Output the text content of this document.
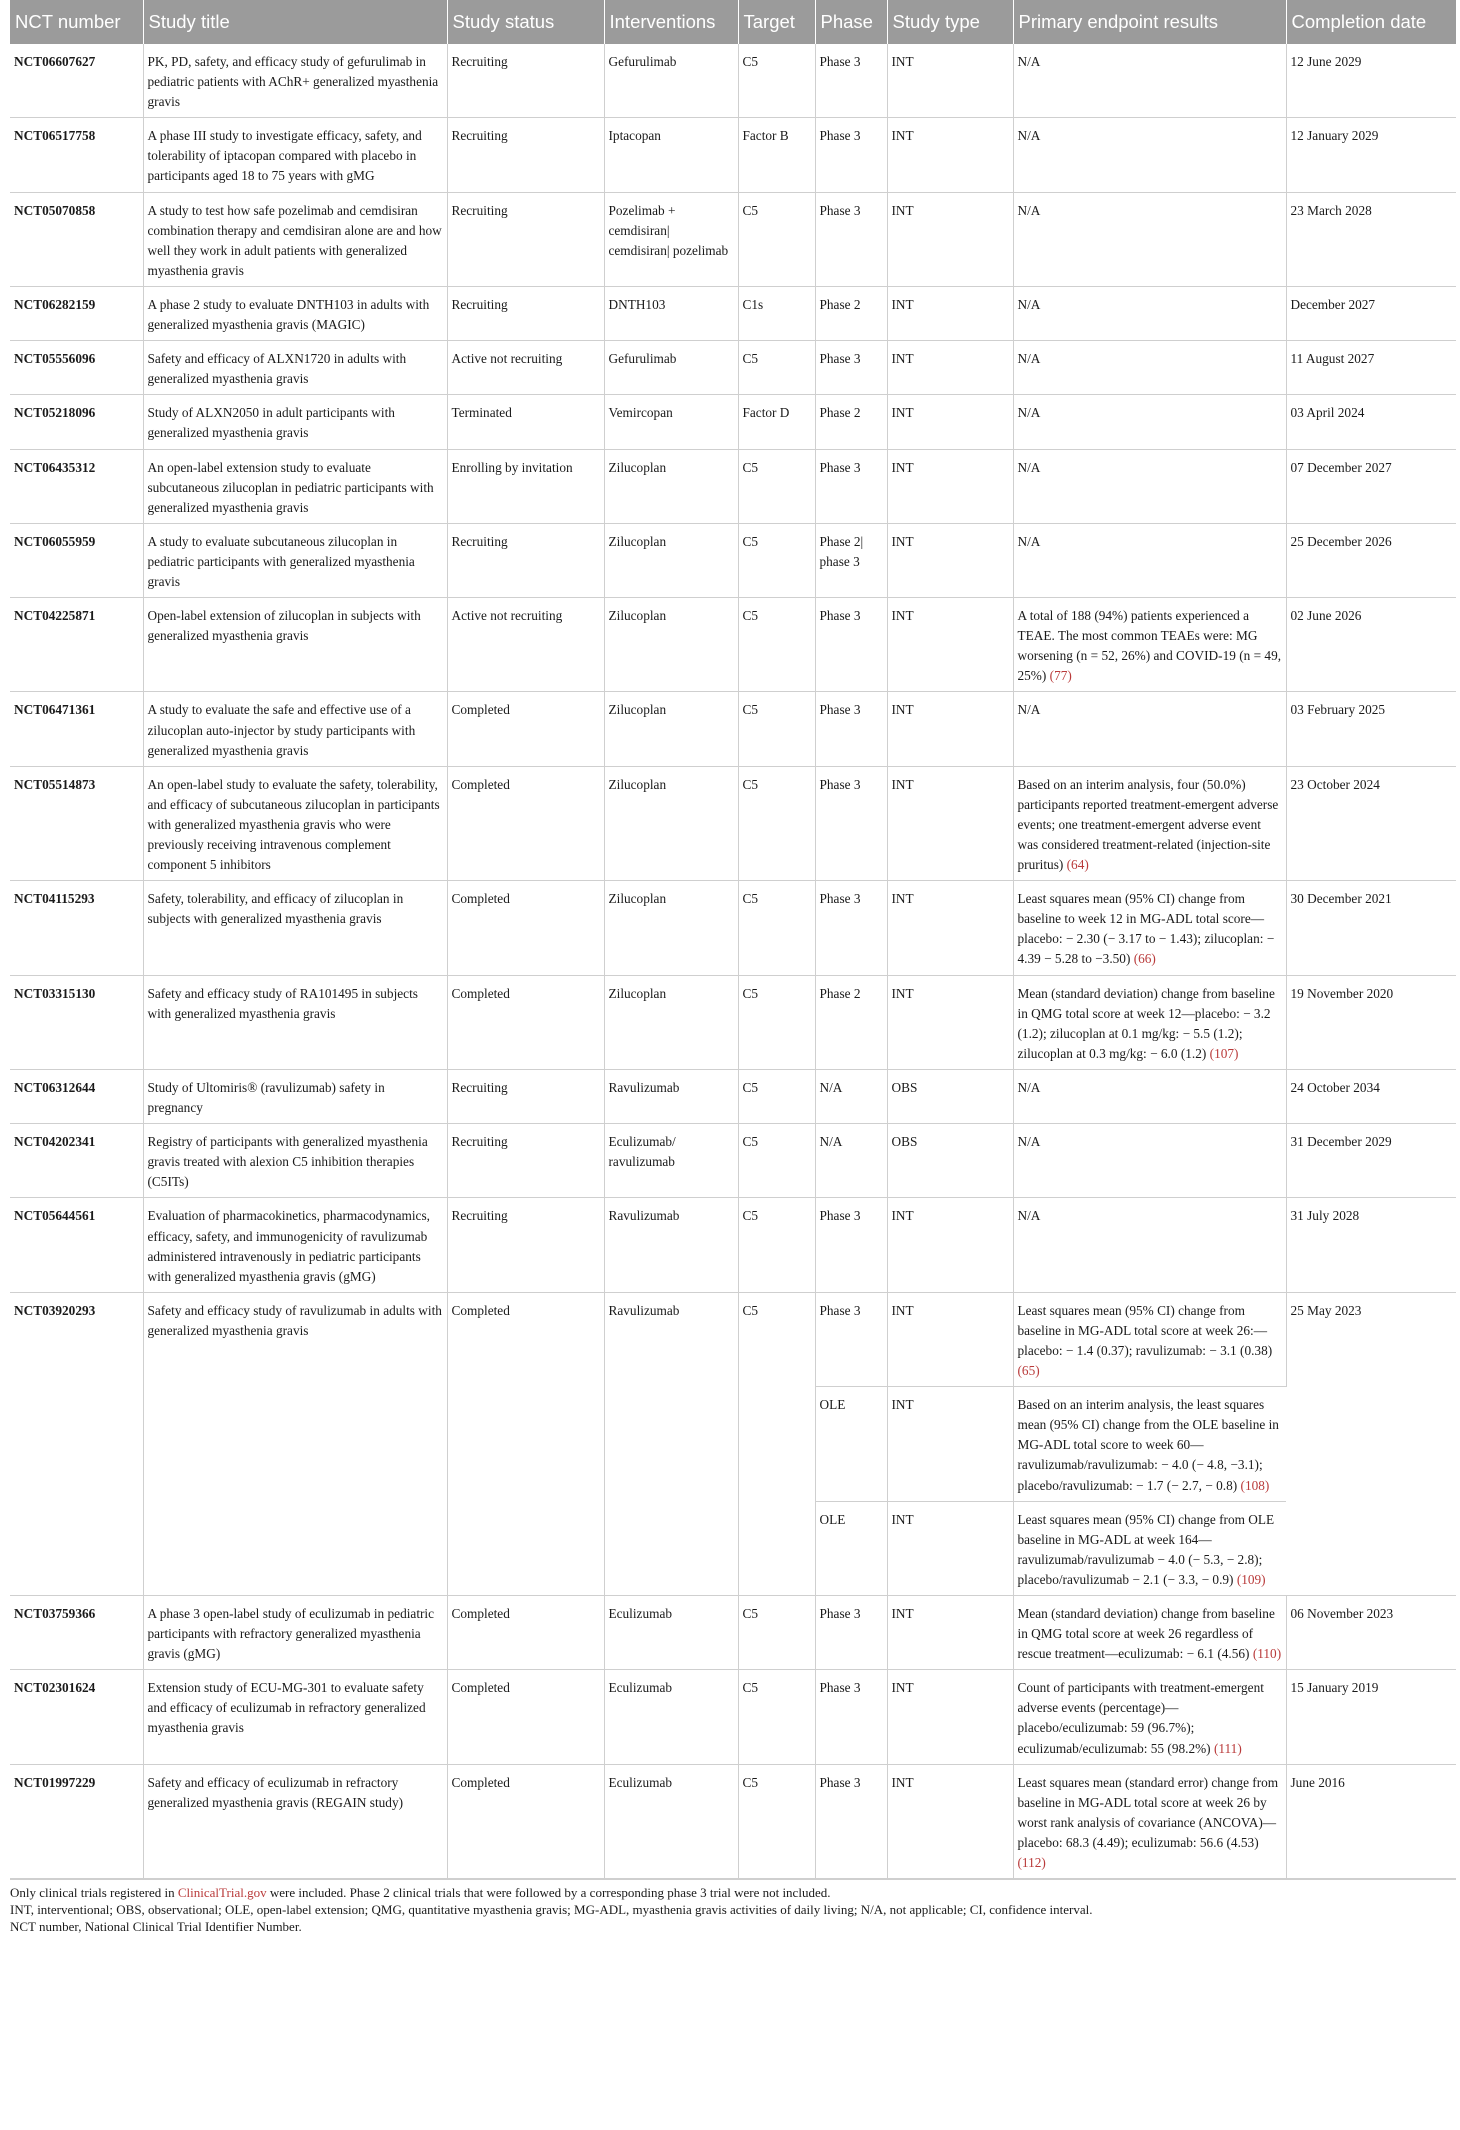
NCT number	Study title	Study status	Interventions	Target	Phase	Study type	Primary endpoint results	Completion date
NCT06607627	PK, PD, safety, and efficacy study of gefurulimab in pediatric patients with AChR+ generalized myasthenia gravis	Recruiting	Gefurulimab	C5	Phase 3	INT	N/A	12 June 2029
NCT06517758	A phase III study to investigate efficacy, safety, and tolerability of iptacopan compared with placebo in participants aged 18 to 75 years with gMG	Recruiting	Iptacopan	Factor B	Phase 3	INT	N/A	12 January 2029
NCT05070858	A study to test how safe pozelimab and cemdisiran combination therapy and cemdisiran alone are and how well they work in adult patients with generalized myasthenia gravis	Recruiting	Pozelimab + cemdisiran| cemdisiran| pozelimab	C5	Phase 3	INT	N/A	23 March 2028
NCT06282159	A phase 2 study to evaluate DNTH103 in adults with generalized myasthenia gravis (MAGIC)	Recruiting	DNTH103	C1s	Phase 2	INT	N/A	December 2027
NCT05556096	Safety and efficacy of ALXN1720 in adults with generalized myasthenia gravis	Active not recruiting	Gefurulimab	C5	Phase 3	INT	N/A	11 August 2027
NCT05218096	Study of ALXN2050 in adult participants with generalized myasthenia gravis	Terminated	Vemircopan	Factor D	Phase 2	INT	N/A	03 April 2024
NCT06435312	An open-label extension study to evaluate subcutaneous zilucoplan in pediatric participants with generalized myasthenia gravis	Enrolling by invitation	Zilucoplan	C5	Phase 3	INT	N/A	07 December 2027
NCT06055959	A study to evaluate subcutaneous zilucoplan in pediatric participants with generalized myasthenia gravis	Recruiting	Zilucoplan	C5	Phase 2| phase 3	INT	N/A	25 December 2026
NCT04225871	Open-label extension of zilucoplan in subjects with generalized myasthenia gravis	Active not recruiting	Zilucoplan	C5	Phase 3	INT	A total of 188 (94%) patients experienced a TEAE. The most common TEAEs were: MG worsening (n = 52, 26%) and COVID-19 (n = 49, 25%) (77)	02 June 2026
NCT06471361	A study to evaluate the safe and effective use of a zilucoplan auto-injector by study participants with generalized myasthenia gravis	Completed	Zilucoplan	C5	Phase 3	INT	N/A	03 February 2025
NCT05514873	An open-label study to evaluate the safety, tolerability, and efficacy of subcutaneous zilucoplan in participants with generalized myasthenia gravis who were previously receiving intravenous complement component 5 inhibitors	Completed	Zilucoplan	C5	Phase 3	INT	Based on an interim analysis, four (50.0%) participants reported treatment-emergent adverse events; one treatment-emergent adverse event was considered treatment-related (injection-site pruritus) (64)	23 October 2024
NCT04115293	Safety, tolerability, and efficacy of zilucoplan in subjects with generalized myasthenia gravis	Completed	Zilucoplan	C5	Phase 3	INT	Least squares mean (95% CI) change from baseline to week 12 in MG-ADL total score—placebo: − 2.30 (− 3.17 to − 1.43); zilucoplan: − 4.39 − 5.28 to −3.50) (66)	30 December 2021
NCT03315130	Safety and efficacy study of RA101495 in subjects with generalized myasthenia gravis	Completed	Zilucoplan	C5	Phase 2	INT	Mean (standard deviation) change from baseline in QMG total score at week 12—placebo: − 3.2 (1.2); zilucoplan at 0.1 mg/kg: − 5.5 (1.2); zilucoplan at 0.3 mg/kg: − 6.0 (1.2) (107)	19 November 2020
NCT06312644	Study of Ultomiris® (ravulizumab) safety in pregnancy	Recruiting	Ravulizumab	C5	N/A	OBS	N/A	24 October 2034
NCT04202341	Registry of participants with generalized myasthenia gravis treated with alexion C5 inhibition therapies (C5ITs)	Recruiting	Eculizumab/ ravulizumab	C5	N/A	OBS	N/A	31 December 2029
NCT05644561	Evaluation of pharmacokinetics, pharmacodynamics, efficacy, safety, and immunogenicity of ravulizumab administered intravenously in pediatric participants with generalized myasthenia gravis (gMG)	Recruiting	Ravulizumab	C5	Phase 3	INT	N/A	31 July 2028
NCT03920293	Safety and efficacy study of ravulizumab in adults with generalized myasthenia gravis	Completed	Ravulizumab	C5	Phase 3	INT	Least squares mean (95% CI) change from baseline in MG-ADL total score at week 26:—placebo: − 1.4 (0.37); ravulizumab: − 3.1 (0.38) (65)	25 May 2023
					OLE	INT	Based on an interim analysis, the least squares mean (95% CI) change from the OLE baseline in MG-ADL total score to week 60—ravulizumab/ravulizumab: − 4.0 (− 4.8, −3.1); placebo/ravulizumab: − 1.7 (− 2.7, − 0.8) (108)	
					OLE	INT	Least squares mean (95% CI) change from OLE baseline in MG-ADL at week 164—ravulizumab/ravulizumab − 4.0 (− 5.3, − 2.8); placebo/ravulizumab − 2.1 (− 3.3, − 0.9) (109)	
NCT03759366	A phase 3 open-label study of eculizumab in pediatric participants with refractory generalized myasthenia gravis (gMG)	Completed	Eculizumab	C5	Phase 3	INT	Mean (standard deviation) change from baseline in QMG total score at week 26 regardless of rescue treatment—eculizumab: − 6.1 (4.56) (110)	06 November 2023
NCT02301624	Extension study of ECU-MG-301 to evaluate safety and efficacy of eculizumab in refractory generalized myasthenia gravis	Completed	Eculizumab	C5	Phase 3	INT	Count of participants with treatment-emergent adverse events (percentage)—placebo/eculizumab: 59 (96.7%); eculizumab/eculizumab: 55 (98.2%) (111)	15 January 2019
NCT01997229	Safety and efficacy of eculizumab in refractory generalized myasthenia gravis (REGAIN study)	Completed	Eculizumab	C5	Phase 3	INT	Least squares mean (standard error) change from baseline in MG-ADL total score at week 26 by worst rank analysis of covariance (ANCOVA)—placebo: 68.3 (4.49); eculizumab: 56.6 (4.53) (112)	June 2016
Only clinical trials registered in ClinicalTrial.gov were included. Phase 2 clinical trials that were followed by a corresponding phase 3 trial were not included.
INT, interventional; OBS, observational; OLE, open-label extension; QMG, quantitative myasthenia gravis; MG-ADL, myasthenia gravis activities of daily living; N/A, not applicable; CI, confidence interval.
NCT number, National Clinical Trial Identifier Number.
